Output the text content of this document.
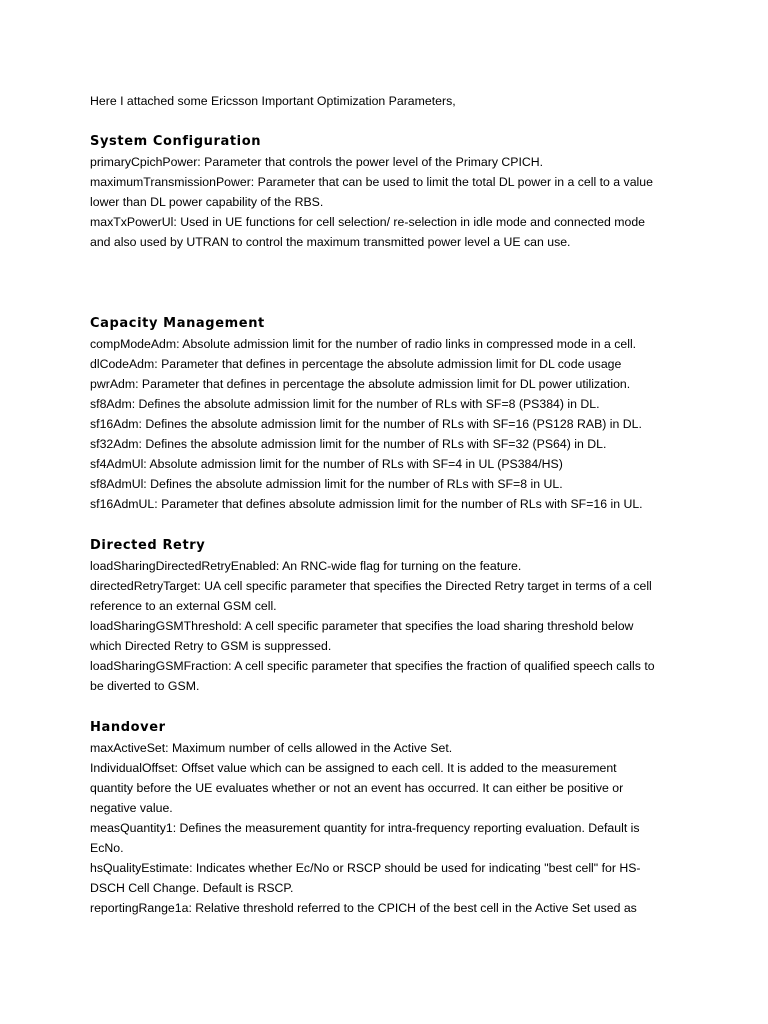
Here I attached some Ericsson Important Optimization Parameters,
System Configuration
primaryCpichPower: Parameter that controls the power level of the Primary CPICH.
maximumTransmissionPower: Parameter that can be used to limit the total DL power in a cell to a value
lower than DL power capability of the RBS.
maxTxPowerUl: Used in UE functions for cell selection/ re-selection in idle mode and connected mode
and also used by UTRAN to control the maximum transmitted power level a UE can use.
Capacity Management
compModeAdm: Absolute admission limit for the number of radio links in compressed mode in a cell.
dlCodeAdm: Parameter that defines in percentage the absolute admission limit for DL code usage
pwrAdm: Parameter that defines in percentage the absolute admission limit for DL power utilization.
sf8Adm: Defines the absolute admission limit for the number of RLs with SF=8 (PS384) in DL.
sf16Adm: Defines the absolute admission limit for the number of RLs with SF=16 (PS128 RAB) in DL.
sf32Adm: Defines the absolute admission limit for the number of RLs with SF=32 (PS64) in DL.
sf4AdmUl: Absolute admission limit for the number of RLs with SF=4 in UL (PS384/HS)
sf8AdmUl: Defines the absolute admission limit for the number of RLs with SF=8 in UL.
sf16AdmUL: Parameter that defines absolute admission limit for the number of RLs with SF=16 in UL.
Directed Retry
loadSharingDirectedRetryEnabled: An RNC-wide flag for turning on the feature.
directedRetryTarget: UA cell specific parameter that specifies the Directed Retry target in terms of a cell
reference to an external GSM cell.
loadSharingGSMThreshold: A cell specific parameter that specifies the load sharing threshold below
which Directed Retry to GSM is suppressed.
loadSharingGSMFraction: A cell specific parameter that specifies the fraction of qualified speech calls to
be diverted to GSM.
Handover
maxActiveSet: Maximum number of cells allowed in the Active Set.
IndividualOffset: Offset value which can be assigned to each cell. It is added to the measurement
quantity before the UE evaluates whether or not an event has occurred. It can either be positive or
negative value.
measQuantity1: Defines the measurement quantity for intra-frequency reporting evaluation. Default is
EcNo.
hsQualityEstimate: Indicates whether Ec/No or RSCP should be used for indicating "best cell" for HS-
DSCH Cell Change. Default is RSCP.
reportingRange1a: Relative threshold referred to the CPICH of the best cell in the Active Set used as
